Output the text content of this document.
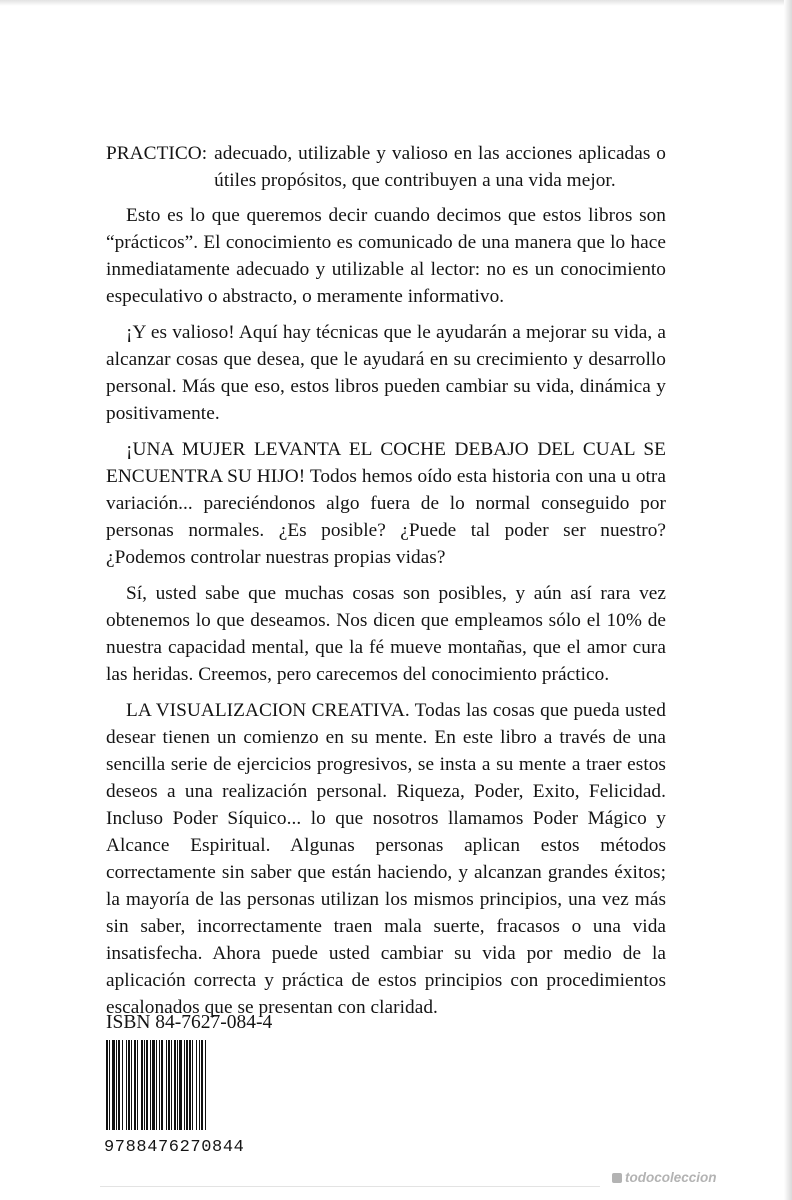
PRACTICO: adecuado, utilizable y valioso en las acciones aplicadas o útiles propósitos, que contribuyen a una vida mejor.

Esto es lo que queremos decir cuando decimos que estos libros son “prácticos”. El conocimiento es comunicado de una manera que lo hace inmediatamente adecuado y utilizable al lector: no es un conocimiento especulativo o abstracto, o meramente informativo.

¡Y es valioso! Aquí hay técnicas que le ayudarán a mejorar su vida, a alcanzar cosas que desea, que le ayudará en su crecimiento y desarrollo personal. Más que eso, estos libros pueden cambiar su vida, dinámica y positivamente.

¡UNA MUJER LEVANTA EL COCHE DEBAJO DEL CUAL SE ENCUENTRA SU HIJO! Todos hemos oído esta historia con una u otra variación... pareciéndonos algo fuera de lo normal conseguido por personas normales. ¿Es posible? ¿Puede tal poder ser nuestro? ¿Podemos controlar nuestras propias vidas?

Sí, usted sabe que muchas cosas son posibles, y aún así rara vez obtenemos lo que deseamos. Nos dicen que empleamos sólo el 10% de nuestra capacidad mental, que la fé mueve montañas, que el amor cura las heridas. Creemos, pero carecemos del conocimiento práctico.

LA VISUALIZACION CREATIVA. Todas las cosas que pueda usted desear tienen un comienzo en su mente. En este libro a través de una sencilla serie de ejercicios progresivos, se insta a su mente a traer estos deseos a una realización personal. Riqueza, Poder, Exito, Felicidad. Incluso Poder Síquico... lo que nosotros llamamos Poder Mágico y Alcance Espiritual. Algunas personas aplican estos métodos correctamente sin saber que están haciendo, y alcanzan grandes éxitos; la mayoría de las personas utilizan los mismos principios, una vez más sin saber, incorrectamente traen mala suerte, fracasos o una vida insatisfecha. Ahora puede usted cambiar su vida por medio de la aplicación correcta y práctica de estos principios con procedimientos escalonados que se presentan con claridad.

ISBN 84-7627-084-4
9788476270844
todocoleccion
